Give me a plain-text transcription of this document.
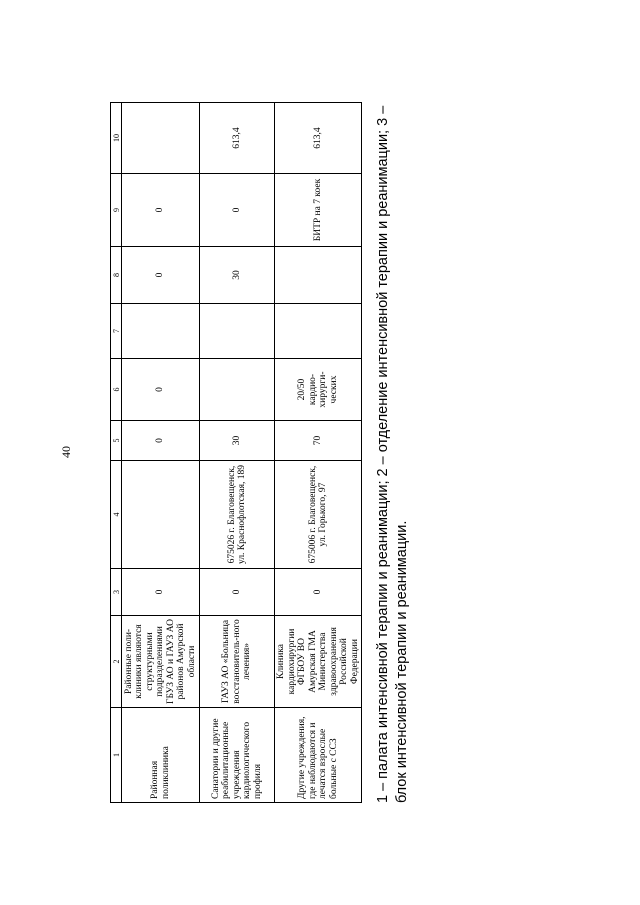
40
1	2	3	4	5	6	7	8	9	10
Районная поликлиника	Районные поли-клиники являются структурными подразделениями ГБУЗ АО и ГАУЗ АО районов Амурской области	0		0	0		0	0	
Санатории и другие реабилитационные учреждения кардиологического профиля	ГАУЗ АО «Больница восстановитель-ного лечения»	0	675026 г. Благовещенск, ул. Краснофлотская, 189	30			30	0	613,4
Другие учреждения, где наблюдаются и лечатся взрослые больные с ССЗ	Клиника кардиохирургии ФГБОУ ВО Амурская ГМА Министерства здравоохранения Российской Федерации	0	675006 г. Благовещенск, ул. Горького, 97	70	20/50 кардио-хирурги-ческих			БИТР на 7 коек	613,4	1 – палата интенсивной терапии и реанимации; 2 – отделение интенсивной терапии и реанимации; 3 – блок интенсивной терапии и реанимации.
